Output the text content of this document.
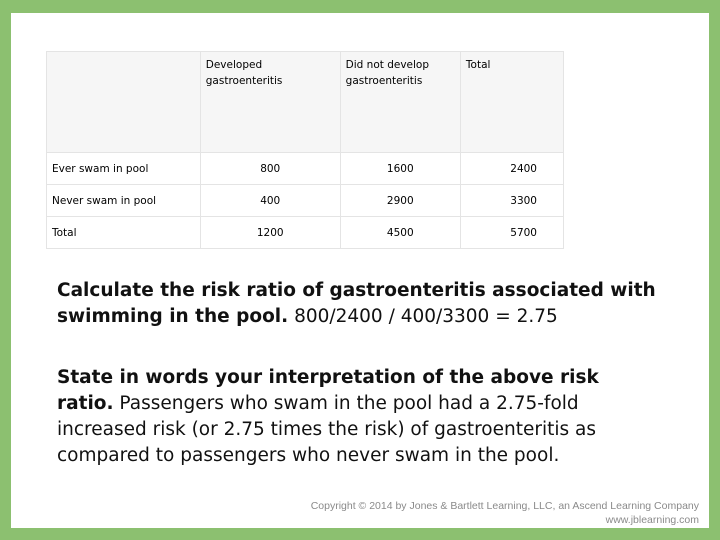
	Developed gastroenteritis	Did not develop gastroenteritis	Total

Ever swam in pool	800	1600	2400

Never swam in pool	400	2900	3300

Total	1200	4500	5700
Calculate the risk ratio of gastroenteritis associated with swimming in the pool. 800/2400 / 400/3300 = 2.75
State in words your interpretation of the above risk ratio. Passengers who swam in the pool had a 2.75-fold increased risk (or 2.75 times the risk) of gastroenteritis as compared to passengers who never swam in the pool.
Copyright © 2014 by Jones & Bartlett Learning, LLC, an Ascend Learning Company
www.jblearning.com
